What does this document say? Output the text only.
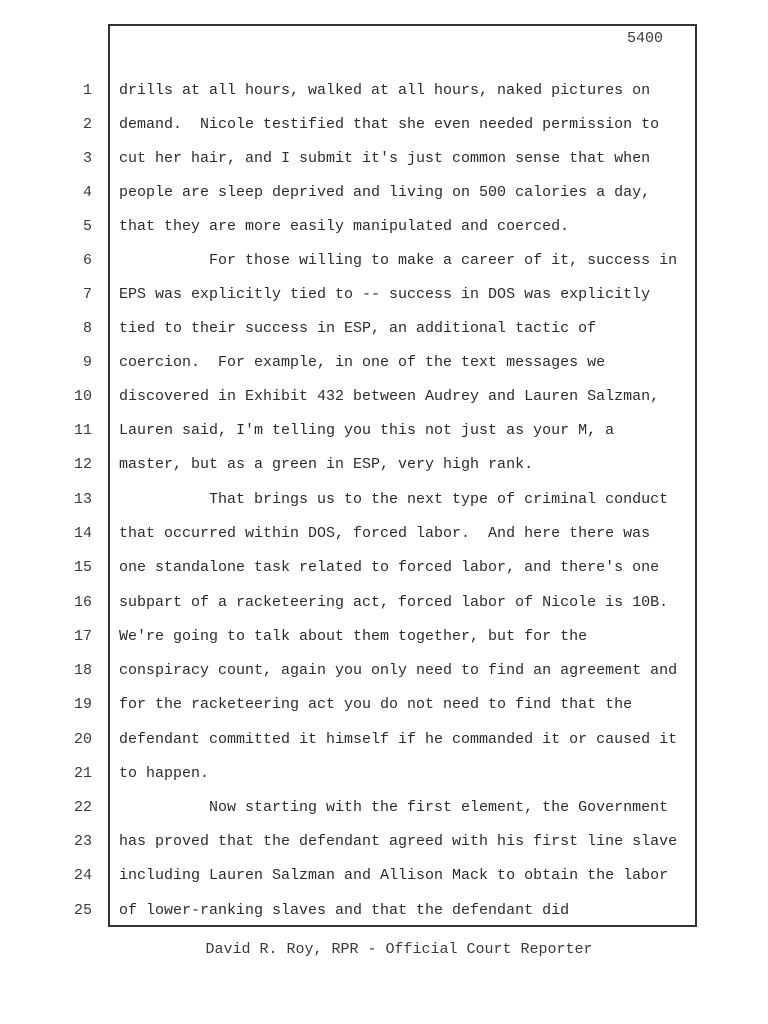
5400
1
2
3
4
5
6
7
8
9
10
11
12
13
14
15
16
17
18
19
20
21
22
23
24
25
drills at all hours, walked at all hours, naked pictures on
demand.  Nicole testified that she even needed permission to
cut her hair, and I submit it's just common sense that when
people are sleep deprived and living on 500 calories a day,
that they are more easily manipulated and coerced.
For those willing to make a career of it, success in
EPS was explicitly tied to -- success in DOS was explicitly
tied to their success in ESP, an additional tactic of
coercion.  For example, in one of the text messages we
discovered in Exhibit 432 between Audrey and Lauren Salzman,
Lauren said, I'm telling you this not just as your M, a
master, but as a green in ESP, very high rank.
That brings us to the next type of criminal conduct
that occurred within DOS, forced labor.  And here there was
one standalone task related to forced labor, and there's one
subpart of a racketeering act, forced labor of Nicole is 10B.
We're going to talk about them together, but for the
conspiracy count, again you only need to find an agreement and
for the racketeering act you do not need to find that the
defendant committed it himself if he commanded it or caused it
to happen.
Now starting with the first element, the Government
has proved that the defendant agreed with his first line slave
including Lauren Salzman and Allison Mack to obtain the labor
of lower-ranking slaves and that the defendant did
David R. Roy, RPR - Official Court Reporter
